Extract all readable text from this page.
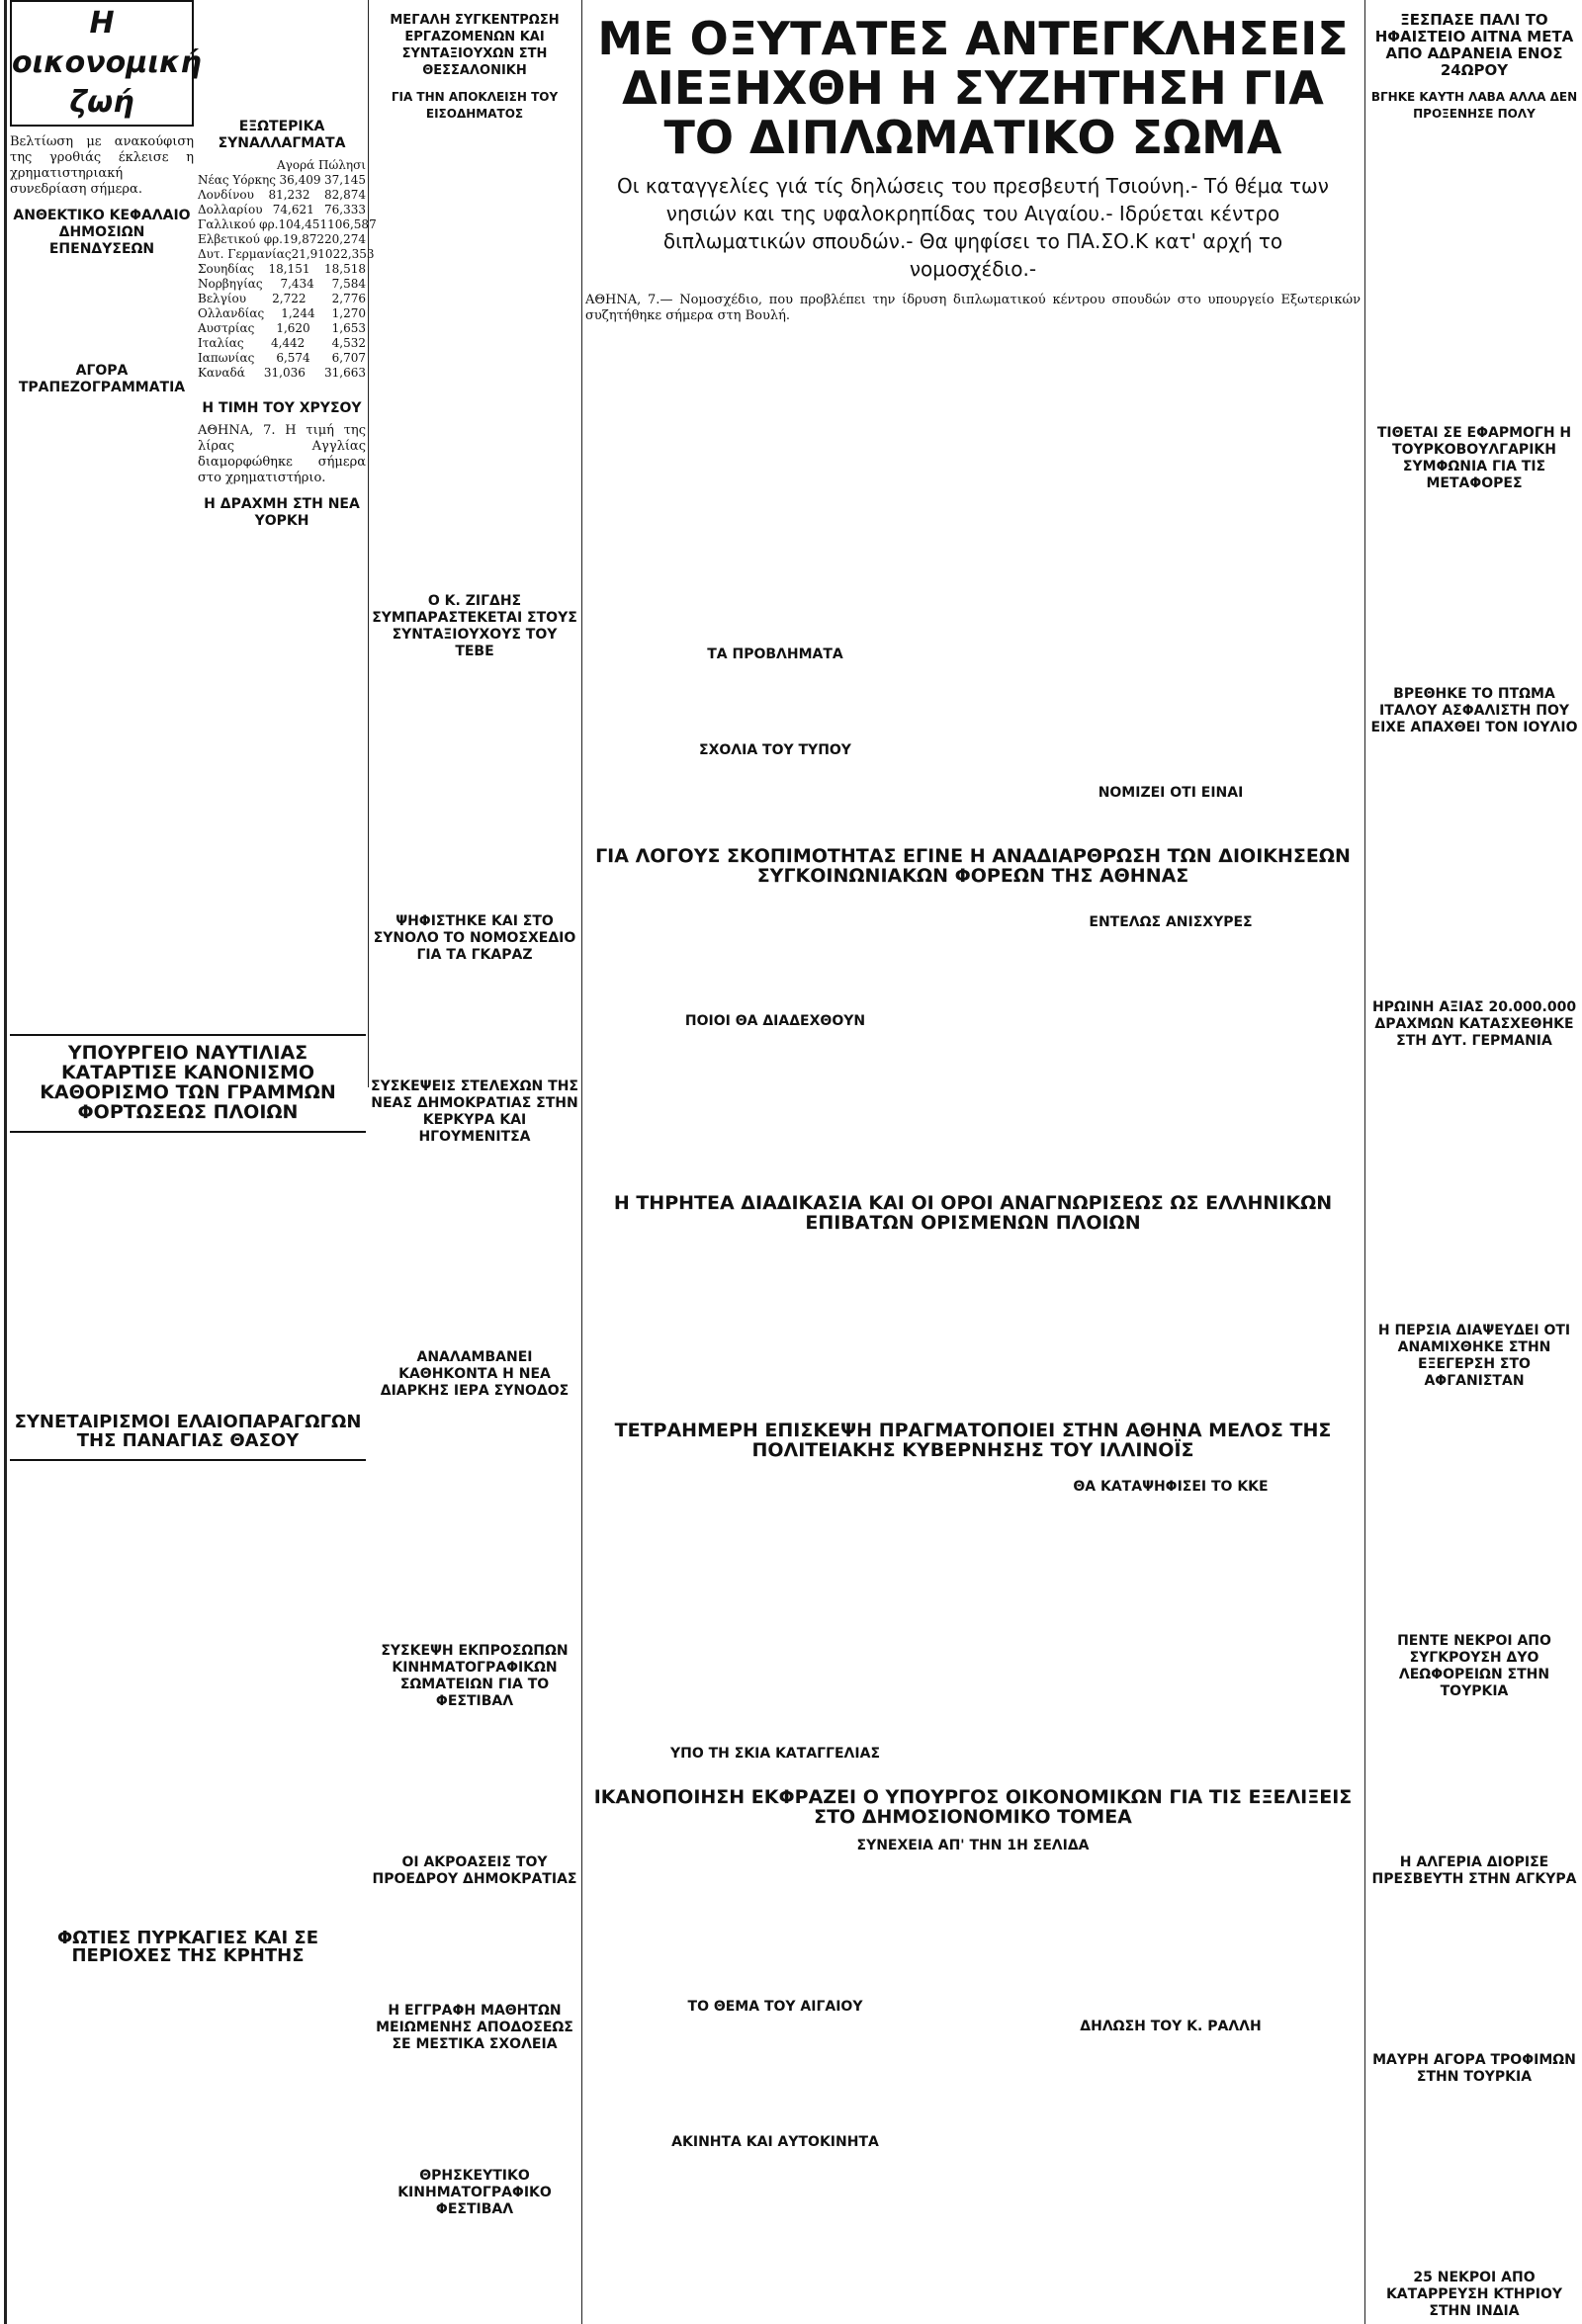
Η οικονομική ζωή

Βελτίωση με ανακούφιση της γροθιάς έκλεισε η χρηματιστηριακή συνεδρίαση σήμερα.

ΑΝΘΕΚΤΙΚΟ ΚΕΦΑΛΑΙΟ ΔΗΜΟΣΙΩΝ ΕΠΕΝΔΥΣΕΩΝ
ΑΓΟΡΑ ΤΡΑΠΕΖΟΓΡΑΜΜΑΤΙΑ
ΥΠΟΥΡΓΕΙΟ ΝΑΥΤΙΛΙΑΣ ΚΑΤΑΡΤΙΣΕ ΚΑΝΟΝΙΣΜΟ ΚΑΘΟΡΙΣΜΟ ΤΩΝ ΓΡΑΜΜΩΝ ΦΟΡΤΩΣΕΩΣ ΠΛΟΙΩΝ
ΣΥΝΕΤΑΙΡΙΣΜΟΙ ΕΛΑΙΟΠΑΡΑΓΩΓΩΝ ΤΗΣ ΠΑΝΑΓΙΑΣ ΘΑΣΟΥ
ΦΩΤΙΕΣ ΠΥΡΚΑΓΙΕΣ ΚΑΙ ΣΕ ΠΕΡΙΟΧΕΣ ΤΗΣ ΚΡΗΤΗΣ
ΕΞΩΤΕΡΙΚΑ ΣΥΝΑΛΛΑΓΜΑΤΑ
Αγορά Πώλησι
Νέας Υόρκης 36,409 37,145
Λονδίνου 81,232 82,874
Δολλαρίου 74,621 76,333
Γαλλικού φρ. 104,451 106,587
Ελβετικού φρ. 19,872 20,274
Δυτ. Γερμανίας 21,910 22,353
Σουηδίας 18,151 18,518
Νορβηγίας 7,434 7,584
Βελγίου 2,722 2,776
Ολλανδίας 1,244 1,270
Αυστρίας 1,620 1,653
Ιταλίας 4,442 4,532
Ιαπωνίας 6,574 6,707
Καναδά 31,036 31,663
Η ΤΙΜΗ ΤΟΥ ΧΡΥΣΟΥ

ΑΘΗΝΑ, 7. Η τιμή της λίρας Αγγλίας διαμορφώθηκε σήμερα στο χρηματιστήριο.

Η ΔΡΑΧΜΗ ΣΤΗ ΝΕΑ ΥΟΡΚΗ
ΜΕΓΑΛΗ ΣΥΓΚΕΝΤΡΩΣΗ ΕΡΓΑΖΟΜΕΝΩΝ ΚΑΙ ΣΥΝΤΑΞΙΟΥΧΩΝ ΣΤΗ ΘΕΣΣΑΛΟΝΙΚΗ
ΓΙΑ ΤΗΝ ΑΠΟΚΛΕΙΣΗ ΤΟΥ ΕΙΣΟΔΗΜΑΤΟΣ
Ο Κ. ΖΙΓΔΗΣ ΣΥΜΠΑΡΑΣΤΕΚΕΤΑΙ ΣΤΟΥΣ ΣΥΝΤΑΞΙΟΥΧΟΥΣ ΤΟΥ ΤΕΒΕ
ΨΗΦΙΣΤΗΚΕ ΚΑΙ ΣΤΟ ΣΥΝΟΛΟ ΤΟ ΝΟΜΟΣΧΕΔΙΟ ΓΙΑ ΤΑ ΓΚΑΡΑΖ
ΣΥΣΚΕΨΕΙΣ ΣΤΕΛΕΧΩΝ ΤΗΣ ΝΕΑΣ ΔΗΜΟΚΡΑΤΙΑΣ ΣΤΗΝ ΚΕΡΚΥΡΑ ΚΑΙ ΗΓΟΥΜΕΝΙΤΣΑ
ΑΝΑΛΑΜΒΑΝΕΙ ΚΑΘΗΚΟΝΤΑ Η ΝΕΑ ΔΙΑΡΚΗΣ ΙΕΡΑ ΣΥΝΟΔΟΣ
ΣΥΣΚΕΨΗ ΕΚΠΡΟΣΩΠΩΝ ΚΙΝΗΜΑΤΟΓΡΑΦΙΚΩΝ ΣΩΜΑΤΕΙΩΝ ΓΙΑ ΤΟ ΦΕΣΤΙΒΑΛ
ΟΙ ΑΚΡΟΑΣΕΙΣ ΤΟΥ ΠΡΟΕΔΡΟΥ ΔΗΜΟΚΡΑΤΙΑΣ
Η ΕΓΓΡΑΦΗ ΜΑΘΗΤΩΝ ΜΕΙΩΜΕΝΗΣ ΑΠΟΔΟΣΕΩΣ ΣΕ ΜΕΣΤΙΚΑ ΣΧΟΛΕΙΑ
ΘΡΗΣΚΕΥΤΙΚΟ ΚΙΝΗΜΑΤΟΓΡΑΦΙΚΟ ΦΕΣΤΙΒΑΛ
ΜΕ ΟΞΥΤΑΤΕΣ ΑΝΤΕΓΚΛΗΣΕΙΣ ΔΙΕΞΗΧΘΗ Η ΣΥΖΗΤΗΣΗ ΓΙΑ ΤΟ ΔΙΠΛΩΜΑΤΙΚΟ ΣΩΜΑ
Οι καταγγελίες γιά τίς δηλώσεις του πρεσβευτή Τσιούνη.- Τό θέμα των νησιών και της υφαλοκρηπίδας του Αιγαίου.- Ιδρύεται κέντρο διπλωματικών σπουδών.- Θα ψηφίσει το ΠΑ.ΣΟ.Κ κατ' αρχή το νομοσχέδιο.-

ΑΘΗΝΑ, 7.— Νομοσχέδιο, που προβλέπει την ίδρυση διπλωματικού κέντρου σπουδών στο υπουργείο Εξωτερικών συζητήθηκε σήμερα στη Βουλή.

ΤΑ ΠΡΟΒΛΗΜΑΤΑ
ΣΧΟΛΙΑ ΤΟΥ ΤΥΠΟΥ
ΝΟΜΙΖΕΙ ΟΤΙ ΕΙΝΑΙ
ΓΙΑ ΛΟΓΟΥΣ ΣΚΟΠΙΜΟΤΗΤΑΣ ΕΓΙΝΕ Η ΑΝΑΔΙΑΡΘΡΩΣΗ ΤΩΝ ΔΙΟΙΚΗΣΕΩΝ ΣΥΓΚΟΙΝΩΝΙΑΚΩΝ ΦΟΡΕΩΝ ΤΗΣ ΑΘΗΝΑΣ
ΠΟΙΟΙ ΘΑ ΔΙΑΔΕΧΘΟΥΝ
ΕΝΤΕΛΩΣ ΑΝΙΣΧΥΡΕΣ
Η ΤΗΡΗΤΕΑ ΔΙΑΔΙΚΑΣΙΑ ΚΑΙ ΟΙ ΟΡΟΙ ΑΝΑΓΝΩΡΙΣΕΩΣ ΩΣ ΕΛΛΗΝΙΚΩΝ ΕΠΙΒΑΤΩΝ ΟΡΙΣΜΕΝΩΝ ΠΛΟΙΩΝ
ΤΕΤΡΑΗΜΕΡΗ ΕΠΙΣΚΕΨΗ ΠΡΑΓΜΑΤΟΠΟΙΕΙ ΣΤΗΝ ΑΘΗΝΑ ΜΕΛΟΣ ΤΗΣ ΠΟΛΙΤΕΙΑΚΗΣ ΚΥΒΕΡΝΗΣΗΣ ΤΟΥ ΙΛΛΙΝΟΪΣ
ΥΠΟ ΤΗ ΣΚΙΑ ΚΑΤΑΓΓΕΛΙΑΣ
ΘΑ ΚΑΤΑΨΗΦΙΣΕΙ ΤΟ ΚΚΕ
ΙΚΑΝΟΠΟΙΗΣΗ ΕΚΦΡΑΖΕΙ Ο ΥΠΟΥΡΓΟΣ ΟΙΚΟΝΟΜΙΚΩΝ ΓΙΑ ΤΙΣ ΕΞΕΛΙΞΕΙΣ ΣΤΟ ΔΗΜΟΣΙΟΝΟΜΙΚΟ ΤΟΜΕΑ
ΣΥΝΕΧΕΙΑ ΑΠ' ΤΗΝ 1Η ΣΕΛΙΔΑ
ΤΟ ΘΕΜΑ ΤΟΥ ΑΙΓΑΙΟΥ
ΑΚΙΝΗΤΑ ΚΑΙ ΑΥΤΟΚΙΝΗΤΑ
ΔΗΛΩΣΗ ΤΟΥ Κ. ΡΑΛΛΗ
ΞΕΣΠΑΣΕ ΠΑΛΙ ΤΟ ΗΦΑΙΣΤΕΙΟ ΑΙΤΝΑ ΜΕΤΑ ΑΠΟ ΑΔΡΑΝΕΙΑ ΕΝΟΣ 24ΩΡΟΥ
ΒΓΗΚΕ ΚΑΥΤΗ ΛΑΒΑ ΑΛΛΑ ΔΕΝ ΠΡΟΞΕΝΗΣΕ ΠΟΛΥ
ΤΙΘΕΤΑΙ ΣΕ ΕΦΑΡΜΟΓΗ Η ΤΟΥΡΚΟΒΟΥΛΓΑΡΙΚΗ ΣΥΜΦΩΝΙΑ ΓΙΑ ΤΙΣ ΜΕΤΑΦΟΡΕΣ
ΒΡΕΘΗΚΕ ΤΟ ΠΤΩΜΑ ΙΤΑΛΟΥ ΑΣΦΑΛΙΣΤΗ ΠΟΥ ΕΙΧΕ ΑΠΑΧΘΕΙ ΤΟΝ ΙΟΥΛΙΟ
ΗΡΩΙΝΗ ΑΞΙΑΣ 20.000.000 ΔΡΑΧΜΩΝ ΚΑΤΑΣΧΕΘΗΚΕ ΣΤΗ ΔΥΤ. ΓΕΡΜΑΝΙΑ
Η ΠΕΡΣΙΑ ΔΙΑΨΕΥΔΕΙ ΟΤΙ ΑΝΑΜΙΧΘΗΚΕ ΣΤΗΝ ΕΞΕΓΕΡΣΗ ΣΤΟ ΑΦΓΑΝΙΣΤΑΝ
ΠΕΝΤΕ ΝΕΚΡΟΙ ΑΠΟ ΣΥΓΚΡΟΥΣΗ ΔΥΟ ΛΕΩΦΟΡΕΙΩΝ ΣΤΗΝ ΤΟΥΡΚΙΑ
Η ΑΛΓΕΡΙΑ ΔΙΟΡΙΣΕ ΠΡΕΣΒΕΥΤΗ ΣΤΗΝ ΑΓΚΥΡΑ
ΜΑΥΡΗ ΑΓΟΡΑ ΤΡΟΦΙΜΩΝ ΣΤΗΝ ΤΟΥΡΚΙΑ
25 ΝΕΚΡΟΙ ΑΠΟ ΚΑΤΑΡΡΕΥΣΗ ΚΤΗΡΙΟΥ ΣΤΗΝ ΙΝΔΙΑ
